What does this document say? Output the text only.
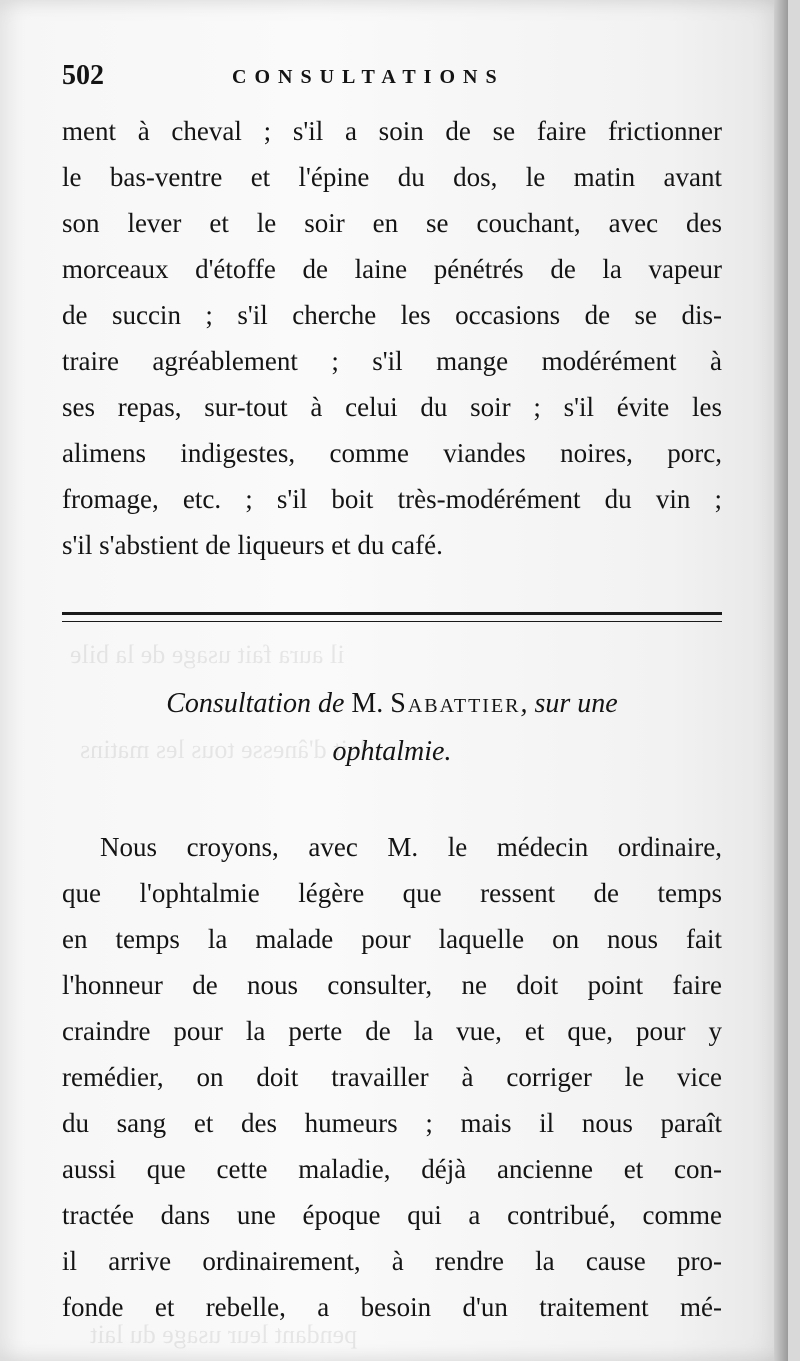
il aura fait usage de la bile
lait d'ânesse tous les matins
pendant leur usage du lait
502	CONSULTATIONS
ment à cheval ; s'il a soin de se faire frictionner
le bas-ventre et l'épine du dos, le matin avant
son lever et le soir en se couchant, avec des
morceaux d'étoffe de laine pénétrés de la vapeur
de succin ; s'il cherche les occasions de se dis-
traire agréablement ; s'il mange modérément à
ses repas, sur-tout à celui du soir ; s'il évite les
alimens indigestes, comme viandes noires, porc,
fromage, etc. ; s'il boit très-modérément du vin ;
s'il s'abstient de liqueurs et du café.
Consultation de M. Sabattier, sur une
ophtalmie.
Nous croyons, avec M. le médecin ordinaire,
que l'ophtalmie légère que ressent de temps
en temps la malade pour laquelle on nous fait
l'honneur de nous consulter, ne doit point faire
craindre pour la perte de la vue, et que, pour y
remédier, on doit travailler à corriger le vice
du sang et des humeurs ; mais il nous paraît
aussi que cette maladie, déjà ancienne et con-
tractée dans une époque qui a contribué, comme
il arrive ordinairement, à rendre la cause pro-
fonde et rebelle, a besoin d'un traitement mé-
